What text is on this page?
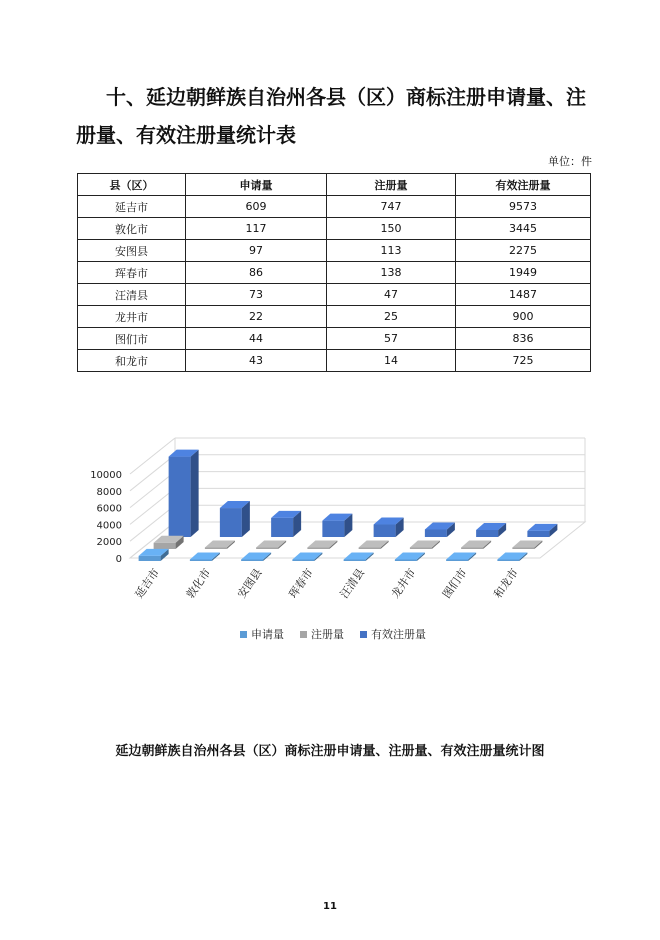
十、延边朝鲜族自治州各县（区）商标注册申请量、注
册量、有效注册量统计表
单位：件
县（区）	申请量	注册量	有效注册量
延吉市	609	747	9573
敦化市	117	150	3445
安图县	97	113	2275
珲春市	86	138	1949
汪清县	73	47	1487
龙井市	22	25	900
图们市	44	57	836
和龙市	43	14	725
0
2000
4000
6000
8000
10000
延吉市 敦化市 安图县 珲春市 汪清县 龙井市 图们市 和龙市
申请量 注册量 有效注册量
延边朝鲜族自治州各县（区）商标注册申请量、注册量、有效注册量统计图
11
